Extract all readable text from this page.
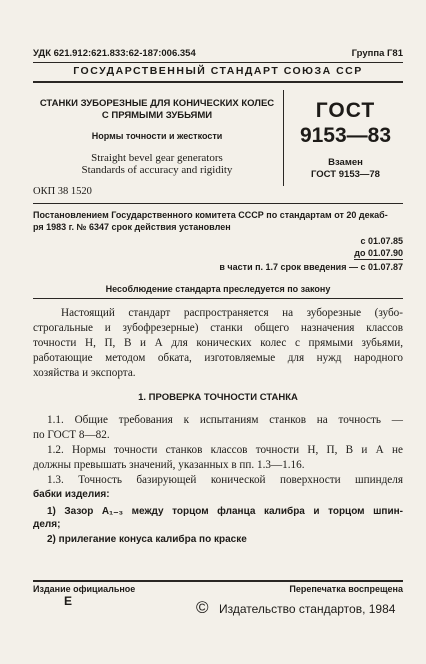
УДК 621.912:621.833:62-187:006.354	Группа Г81
ГОСУДАРСТВЕННЫЙ СТАНДАРТ СОЮЗА ССР
СТАНКИ ЗУБОРЕЗНЫЕ ДЛЯ КОНИЧЕСКИХ КОЛЕС
С ПРЯМЫМИ ЗУБЬЯМИ
Нормы точности и жесткости
Straight bevel gear generators
Standards of accuracy and rigidity
ГОСТ
9153—83
Взамен
ГОСТ 9153—78
ОКП 38 1520
Постановлением Государственного комитета СССР по стандартам от 20 декаб-
ря 1983 г. № 6347 срок действия установлен
с 01.07.85
до 01.07.90
в части п. 1.7 срок введения — с 01.07.87
Несоблюдение стандарта преследуется по закону
Настоящий стандарт распространяется на зуборезные (зубо-
строгальные и зубофрезерные) станки общего назначения классов
точности Н, П, В и А для конических колес с прямыми зубьями,
работающие методом обката, изготовляемые для нужд народного
хозяйства и экспорта.
1. ПРОВЕРКА ТОЧНОСТИ СТАНКА
1.1. Общие требования к испытаниям станков на точность —
по ГОСТ 8—82.
1.2. Нормы точности станков классов точности Н, П, В и А не
должны превышать значений, указанных в пп. 1.3—1.16.
1.3. Точность базирующей конической поверхности шпинделя
бабки изделия:
1) Зазор A₁₋₃ между торцом фланца калибра и торцом шпин-
деля;
2) прилегание конуса калибра по краске
Издание официальное	Перепечатка воспрещена
Е	© Издательство стандартов, 1984
